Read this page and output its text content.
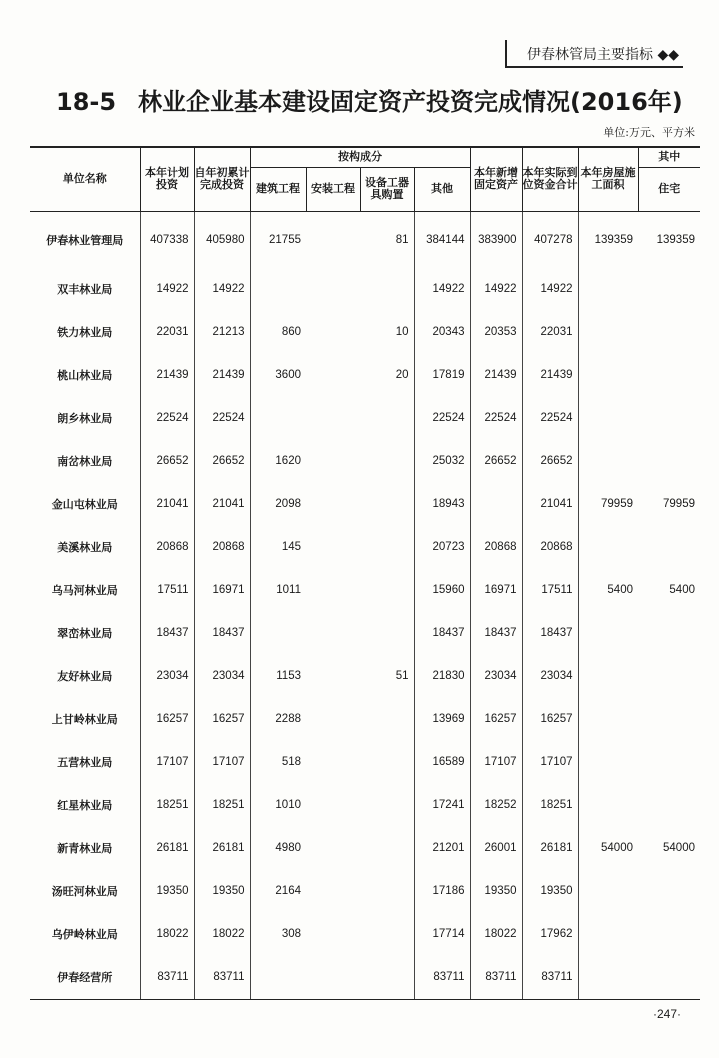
伊春林管局主要指标 ◆◆
18-5 林业企业基本建设固定资产投资完成情况(2016年)
单位:万元、平方米
单位名称	本年计划投资	自年初累计完成投资	按构成分				本年新增固定资产	本年实际到位资金合计	本年房屋施工面积	其中
			建筑工程	安装工程	设备工器具购置	其他				住宅
伊春林业管理局	407338	405980	21755		81	384144	383900	407278	139359	139359
双丰林业局	14922	14922				14922	14922	14922		
铁力林业局	22031	21213	860		10	20343	20353	22031		
桃山林业局	21439	21439	3600		20	17819	21439	21439		
朗乡林业局	22524	22524				22524	22524	22524		
南岔林业局	26652	26652	1620			25032	26652	26652		
金山屯林业局	21041	21041	2098			18943		21041	79959	79959
美溪林业局	20868	20868	145			20723	20868	20868		
乌马河林业局	17511	16971	1011			15960	16971	17511	5400	5400
翠峦林业局	18437	18437				18437	18437	18437		
友好林业局	23034	23034	1153		51	21830	23034	23034		
上甘岭林业局	16257	16257	2288			13969	16257	16257		
五营林业局	17107	17107	518			16589	17107	17107		
红星林业局	18251	18251	1010			17241	18252	18251		
新青林业局	26181	26181	4980			21201	26001	26181	54000	54000
汤旺河林业局	19350	19350	2164			17186	19350	19350		
乌伊岭林业局	18022	18022	308			17714	18022	17962		
伊春经营所	83711	83711				83711	83711	83711		
·247·
